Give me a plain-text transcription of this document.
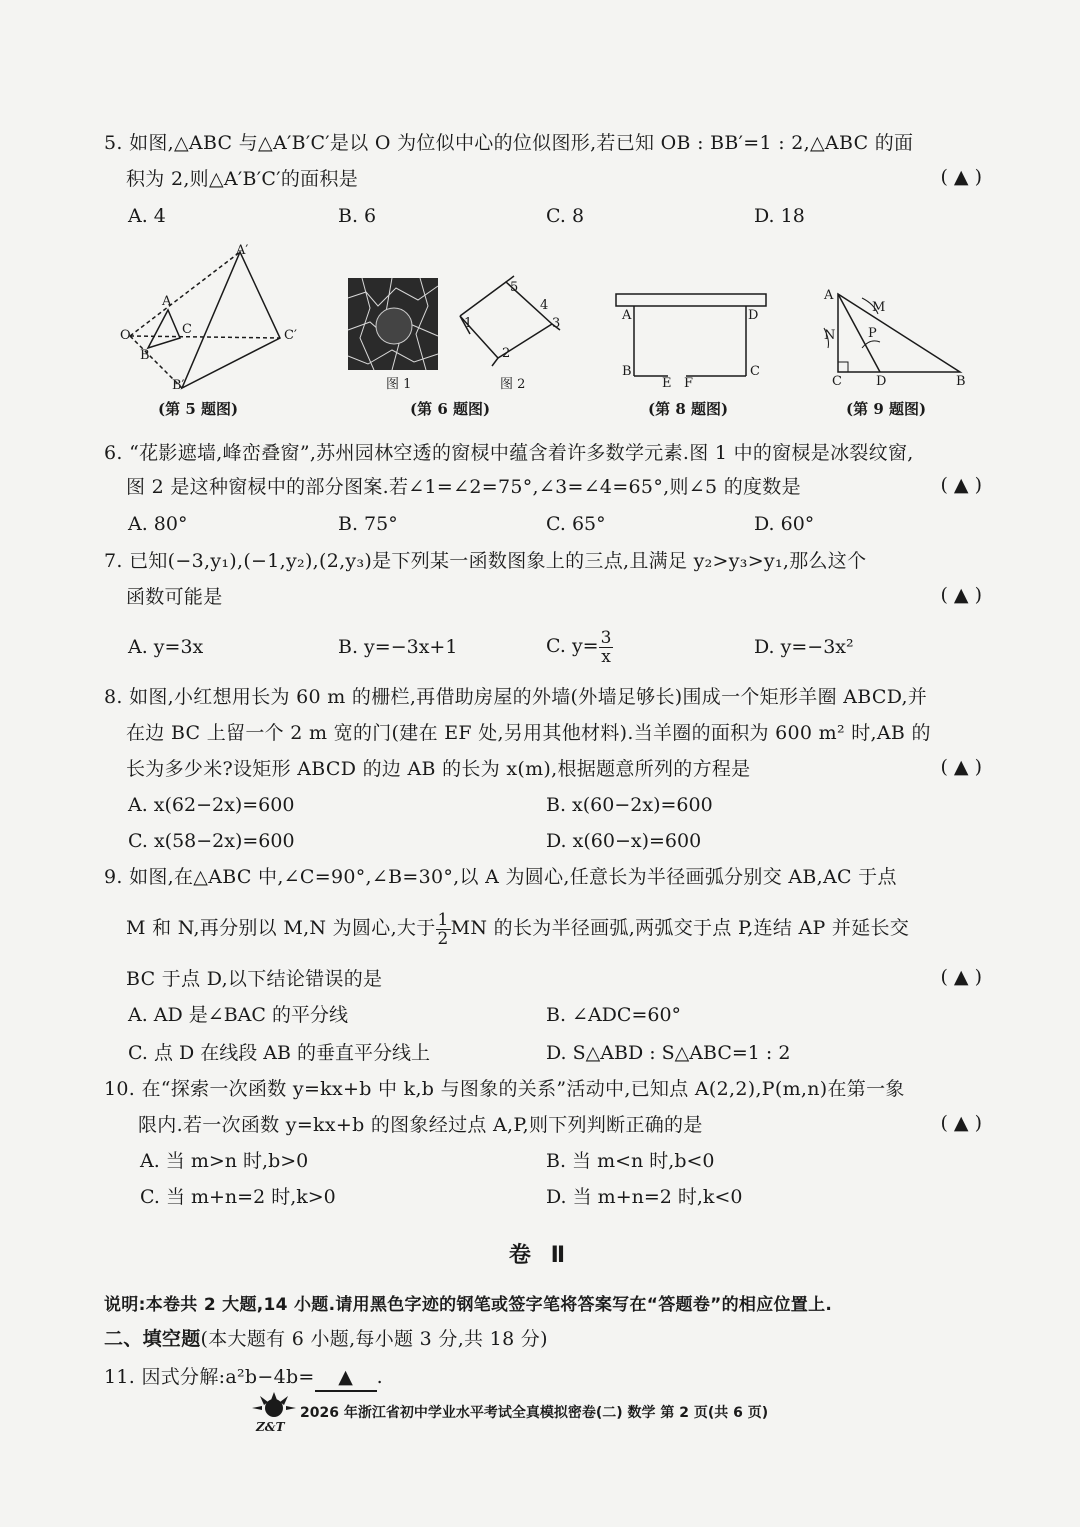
5. 如图,△ABC 与△A′B′C′是以 O 为位似中心的位似图形,若已知 OB : BB′=1 : 2,△ABC 的面
积为 2,则△A′B′C′的面积是	( ▲ )
A. 4	B. 6	C. 8	D. 18
A′
A
O	C	C′
B
B′
(第 5 题图)
图 1
1
2
3
4
5
图 2
(第 6 题图)
A	D
B
E F
C
(第 8 题图)
A
M
N	P
C	D	B
(第 9 题图)
6. “花影遮墙,峰峦叠窗”,苏州园林空透的窗棂中蕴含着许多数学元素.图 1 中的窗棂是冰裂纹窗,
图 2 是这种窗棂中的部分图案.若∠1=∠2=75°,∠3=∠4=65°,则∠5 的度数是	( ▲ )
A. 80°	B. 75°	C. 65°	D. 60°
7. 已知(−3,y₁),(−1,y₂),(2,y₃)是下列某一函数图象上的三点,且满足 y₂>y₃>y₁,那么这个
函数可能是	( ▲ )
A. y=3x	B. y=−3x+1	C. $y= \frac{3}{x}$	D. y=−3x²
8. 如图,小红想用长为 60 m 的栅栏,再借助房屋的外墙(外墙足够长)围成一个矩形羊圈 ABCD,并
在边 BC 上留一个 2 m 宽的门(建在 EF 处,另用其他材料).当羊圈的面积为 600 m² 时,AB 的
长为多少米?设矩形 ABCD 的边 AB 的长为 x(m),根据题意所列的方程是	( ▲ )
A. x(62−2x)=600	B. x(60−2x)=600
C. x(58−2x)=600	D. x(60−x)=600
9. 如图,在△ABC 中,∠C=90°,∠B=30°,以 A 为圆心,任意长为半径画弧分别交 AB,AC 于点
M 和 N,再分别以 M,N 为圆心,大于 $\frac{1}{2}$ MN 的长为半径画弧,两弧交于点 P,连结 AP 并延长交
BC 于点 D,以下结论错误的是	( ▲ )
A. AD 是∠BAC 的平分线	B. ∠ADC=60°
C. 点 D 在线段 AB 的垂直平分线上	D. S△ABD : S△ABC=1 : 2
10. 在“探索一次函数 y=kx+b 中 k,b 与图象的关系”活动中,已知点 A(2,2),P(m,n)在第一象
限内.若一次函数 y=kx+b 的图象经过点 A,P,则下列判断正确的是	( ▲ )
A. 当 m>n 时,b>0	B. 当 m<n 时,b<0
C. 当 m+n=2 时,k>0	D. 当 m+n=2 时,k<0
卷 Ⅱ
说明:本卷共 2 大题,14 小题.请用黑色字迹的钢笔或签字笔将答案写在“答题卷”的相应位置上.
二、填空题(本大题有 6 小题,每小题 3 分,共 18 分)
11. 因式分解:a²b−4b= ▲ .
Z&T
2026 年浙江省初中学业水平考试全真模拟密卷(二) 数学 第 2 页(共 6 页)
